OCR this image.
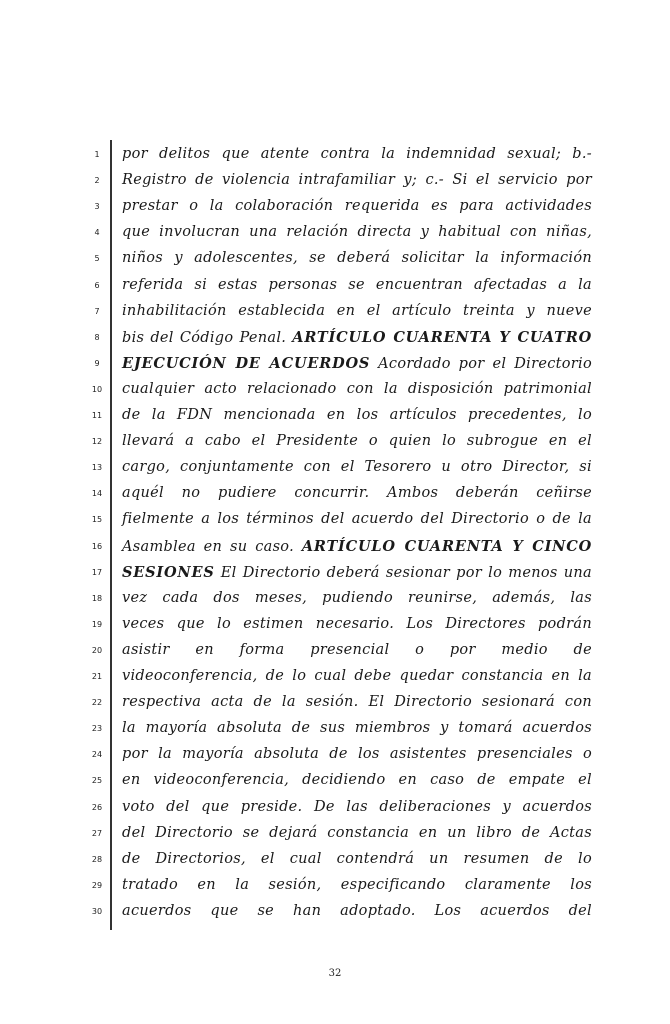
1	por delitos que atente contra la indemnidad sexual; b.-
2	Registro de violencia intrafamiliar y; c.- Si el servicio por
3	prestar o la colaboración requerida es para actividades
4	que involucran una relación directa y habitual con niñas,
5	niños y adolescentes, se deberá solicitar la información
6	referida si estas personas se encuentran afectadas a la
7	inhabilitación establecida en el artículo treinta y nueve
8	bis del Código Penal. ARTÍCULO CUARENTA Y CUATRO
9	EJECUCIÓN DE ACUERDOS Acordado por el Directorio
10 cualquier acto relacionado con la disposición patrimonial
11 de la FDN mencionada en los artículos precedentes, lo
12 llevará a cabo el Presidente o quien lo subrogue en el
13 cargo, conjuntamente con el Tesorero u otro Director, si
14 aquél no pudiere concurrir. Ambos deberán ceñirse
15 fielmente a los términos del acuerdo del Directorio o de la
16 Asamblea en su caso. ARTÍCULO CUARENTA Y CINCO
17 SESIONES El Directorio deberá sesionar por lo menos una
18 vez cada dos meses, pudiendo reunirse, además, las
19 veces que lo estimen necesario. Los Directores podrán
20 asistir en forma presencial o por medio de
21 videoconferencia, de lo cual debe quedar constancia en la
22 respectiva acta de la sesión. El Directorio sesionará con
23 la mayoría absoluta de sus miembros y tomará acuerdos
24 por la mayoría absoluta de los asistentes presenciales o
25 en videoconferencia, decidiendo en caso de empate el
26 voto del que preside. De las deliberaciones y acuerdos
27 del Directorio se dejará constancia en un libro de Actas
28 de Directorios, el cual contendrá un resumen de lo
29 tratado en la sesión, especificando claramente los
30 acuerdos que se han adoptado. Los acuerdos del
32
